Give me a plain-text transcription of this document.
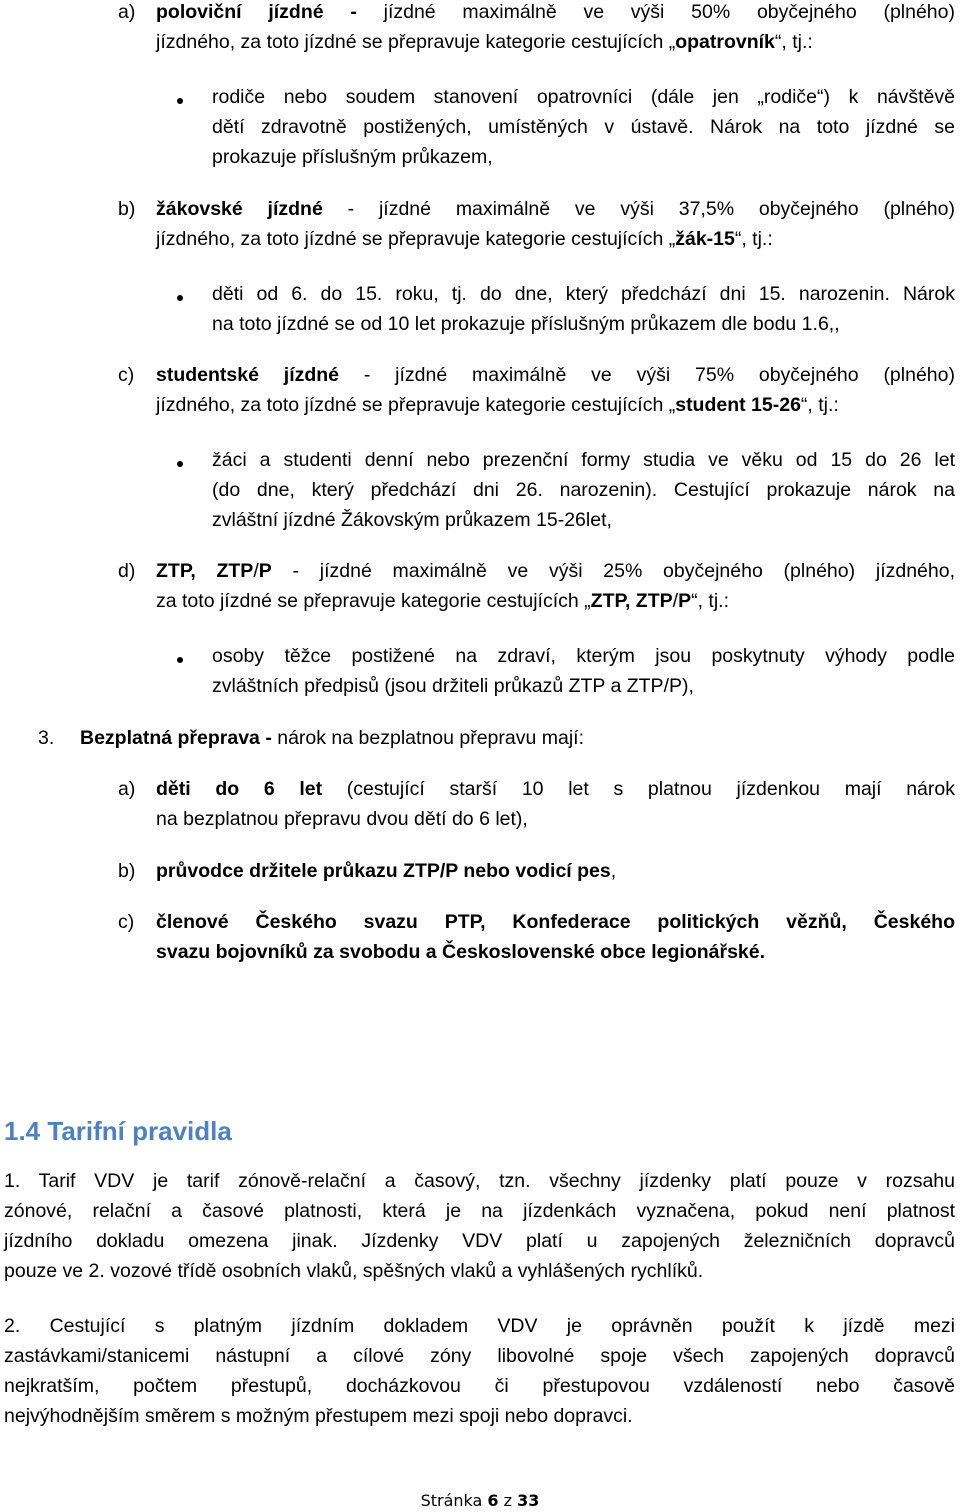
a) poloviční jízdné - jízdné maximálně ve výši 50% obyčejného (plného)
jízdného, za toto jízdné se přepravuje kategorie cestujících „opatrovník“, tj.:
rodiče nebo soudem stanovení opatrovníci (dále jen „rodiče“) k návštěvě
dětí zdravotně postižených, umístěných v ústavě. Nárok na toto jízdné se
prokazuje příslušným průkazem,
b) žákovské jízdné - jízdné maximálně ve výši 37,5% obyčejného (plného)
jízdného, za toto jízdné se přepravuje kategorie cestujících „žák-15“, tj.:
děti od 6. do 15. roku, tj. do dne, který předchází dni 15. narozenin. Nárok
na toto jízdné se od 10 let prokazuje příslušným průkazem dle bodu 1.6,,
c) studentské jízdné - jízdné maximálně ve výši 75% obyčejného (plného)
jízdného, za toto jízdné se přepravuje kategorie cestujících „student 15-26“, tj.:
žáci a studenti denní nebo prezenční formy studia ve věku od 15 do 26 let
(do dne, který předchází dni 26. narozenin). Cestující prokazuje nárok na
zvláštní jízdné Žákovským průkazem 15-26let,
d) ZTP, ZTP/P - jízdné maximálně ve výši 25% obyčejného (plného) jízdného,
za toto jízdné se přepravuje kategorie cestujících „ZTP, ZTP/P“, tj.:
osoby těžce postižené na zdraví, kterým jsou poskytnuty výhody podle
zvláštních předpisů (jsou držiteli průkazů ZTP a ZTP/P),
3. Bezplatná přeprava - nárok na bezplatnou přepravu mají:
a) děti do 6 let (cestující starší 10 let s platnou jízdenkou mají nárok
na bezplatnou přepravu dvou dětí do 6 let),
b) průvodce držitele průkazu ZTP/P nebo vodicí pes,
c) členové Českého svazu PTP, Konfederace politických vězňů, Českého
svazu bojovníků za svobodu a Československé obce legionářské.
1.4 Tarifní pravidla
1. Tarif VDV je tarif zónově-relační a časový, tzn. všechny jízdenky platí pouze v rozsahu
zónové, relační a časové platnosti, která je na jízdenkách vyznačena, pokud není platnost
jízdního dokladu omezena jinak. Jízdenky VDV platí u zapojených železničních dopravců
pouze ve 2. vozové třídě osobních vlaků, spěšných vlaků a vyhlášených rychlíků.
2. Cestující s platným jízdním dokladem VDV je oprávněn použít k jízdě mezi
zastávkami/stanicemi nástupní a cílové zóny libovolné spoje všech zapojených dopravců
nejkratším, počtem přestupů, docházkovou či přestupovou vzdáleností nebo časově
nejvýhodnějším směrem s možným přestupem mezi spoji nebo dopravci.
Stránka 6 z 33
